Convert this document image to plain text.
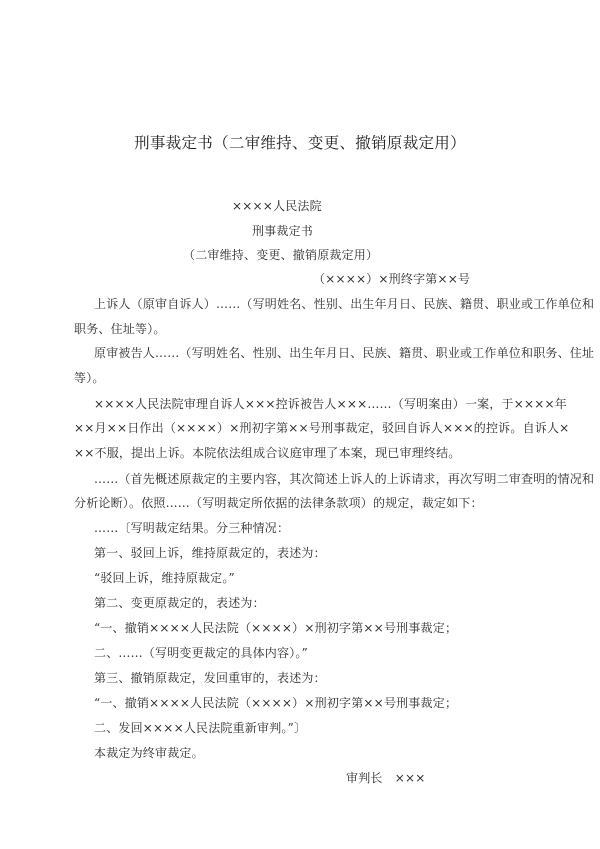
刑事裁定书（二审维持、变更、撤销原裁定用）
××××人民法院
刑事裁定书
（二审维持、变更、撤销原裁定用）
（××××）×刑终字第××号
上诉人（原审自诉人）……（写明姓名、性别、出生年月日、民族、籍贯、职业或工作单位和
职务、住址等）。
原审被告人……（写明姓名、性别、出生年月日、民族、籍贯、职业或工作单位和职务、住址
等）。
××××人民法院审理自诉人×××控诉被告人×××……（写明案由）一案，于××××年
××月××日作出（××××）×刑初字第××号刑事裁定，驳回自诉人×××的控诉。自诉人×
××不服，提出上诉。本院依法组成合议庭审理了本案，现已审理终结。
……（首先概述原裁定的主要内容，其次简述上诉人的上诉请求，再次写明二审查明的情况和
分析论断）。依照……（写明裁定所依据的法律条款项）的规定，裁定如下：
……〔写明裁定结果。分三种情况：
第一、驳回上诉，维持原裁定的，表述为：
“驳回上诉，维持原裁定。”
第二、变更原裁定的，表述为：
“一、撤销××××人民法院（××××）×刑初字第××号刑事裁定；
二、……（写明变更裁定的具体内容）。”
第三、撤销原裁定，发回重审的，表述为：
“一、撤销××××人民法院（××××）×刑初字第××号刑事裁定；
二、发回××××人民法院重新审判。”〕
本裁定为终审裁定。
审判长　×××
